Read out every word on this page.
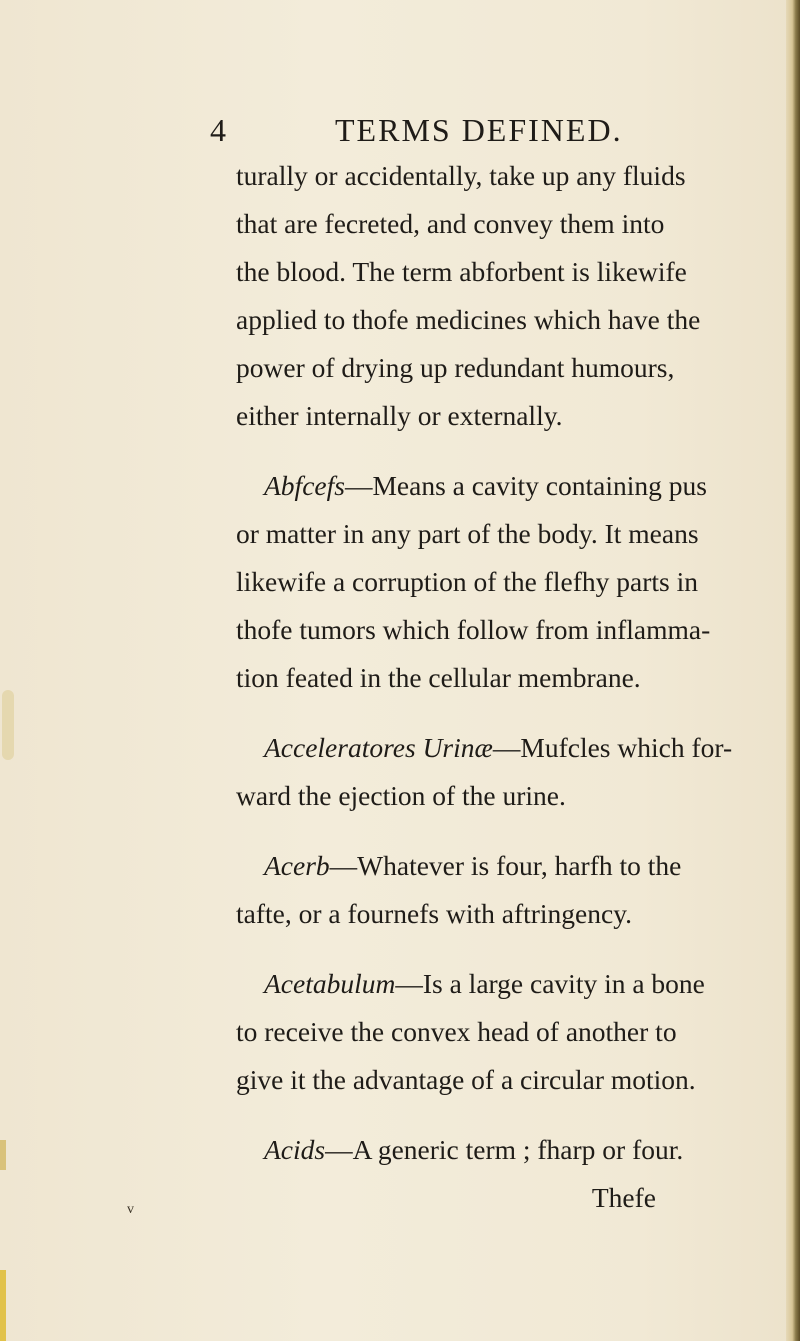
4	TERMS DEFINED.
turally or accidentally, take up any fluids
that are fecreted, and convey them into
the blood. The term abforbent is likewife
applied to thofe medicines which have the
power of drying up redundant humours,
either internally or externally.
Abfcefs—Means a cavity containing pus
or matter in any part of the body. It means
likewife a corruption of the flefhy parts in
thofe tumors which follow from inflamma-
tion feated in the cellular membrane.
Acceleratores Urinæ—Mufcles which for-
ward the ejection of the urine.
Acerb—Whatever is four, harfh to the
tafte, or a fournefs with aftringency.
Acetabulum—Is a large cavity in a bone
to receive the convex head of another to
give it the advantage of a circular motion.
Acids—A generic term ; fharp or four.
Thefe
v
